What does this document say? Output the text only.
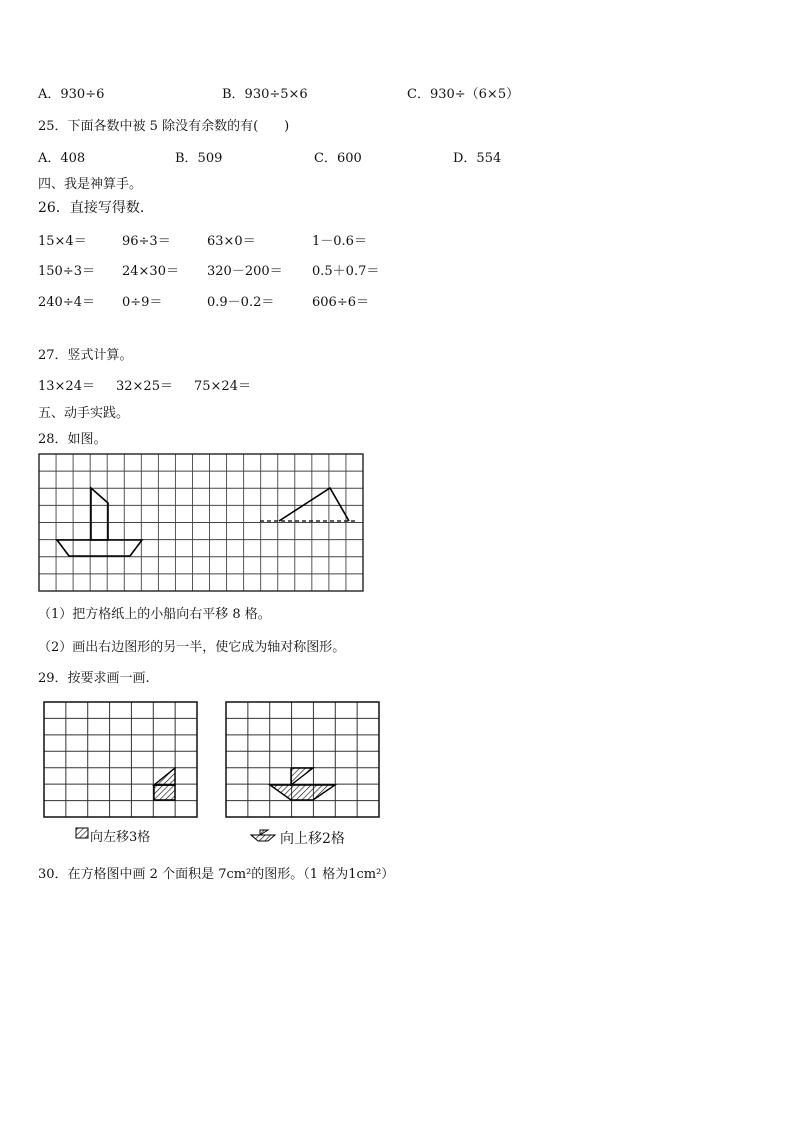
A．930÷6	B．930÷5×6	C．930÷（6×5）
25．下面各数中被 5 除没有余数的有(　　)
A．408	B．509	C．600	D．554
四、我是神算手。
26．直接写得数.
15×4＝	96÷3＝	63×0＝	1－0.6＝
150÷3＝ 24×30＝ 320－200＝ 0.5＋0.7＝
240÷4＝ 0÷9＝	0.9－0.2＝	606÷6＝
27．竖式计算。
13×24＝ 32×25＝ 75×24＝
五、动手实践。
28．如图。
（1）把方格纸上的小船向右平移 8 格。
（2）画出右边图形的另一半，使它成为轴对称图形。
29．按要求画一画.
向左移3格	向上移2格
30．在方格图中画 2 个面积是 7cm²的图形。（1 格为1cm²）
